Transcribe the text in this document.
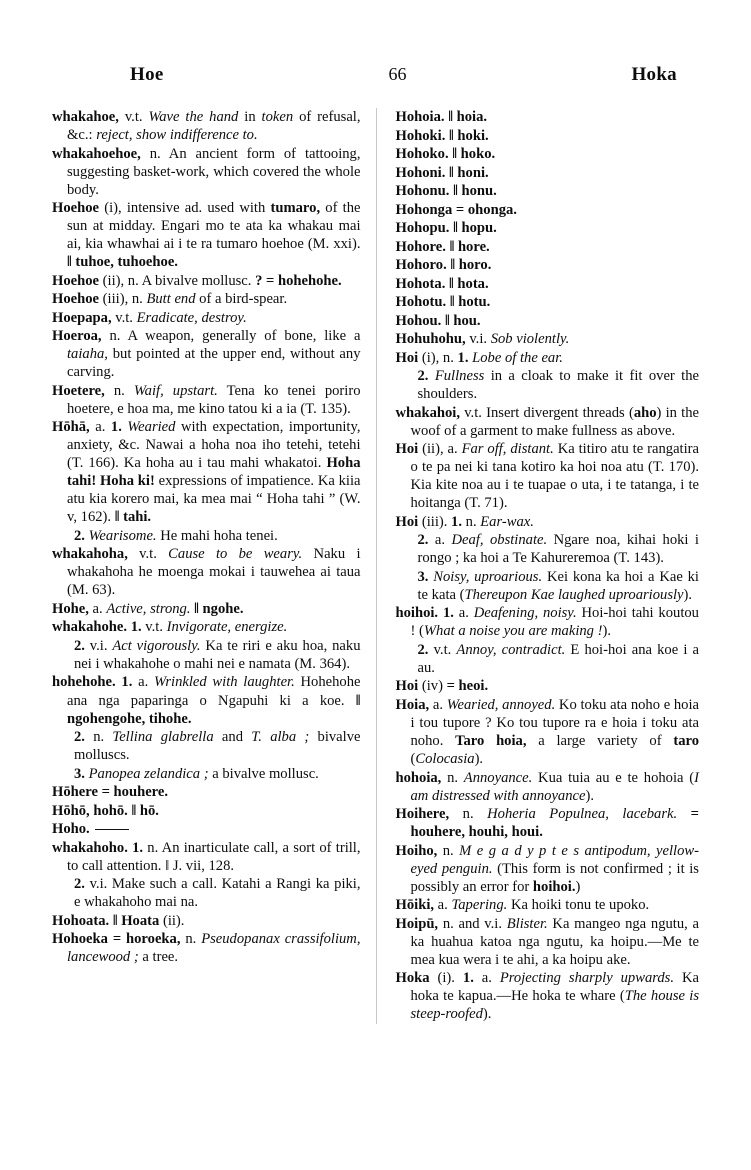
Hoe	66	Hoka

whakahoe, v.t. Wave the hand in token of refusal, &c.: reject, show indifference to.

whakahoehoe, n. An ancient form of tattooing, suggesting basket-work, which covered the whole body.

Hoehoe (i), intensive ad. used with tumaro, of the sun at midday. Engari mo te ata ka whakau mai ai, kia whawhai ai i te ra tumaro hoehoe (M. xxi). ‖ tuhoe, tuhoehoe.

Hoehoe (ii), n. A bivalve mollusc. ? = hohehohe.

Hoehoe (iii), n. Butt end of a bird-spear.

Hoepapa, v.t. Eradicate, destroy.

Hoeroa, n. A weapon, generally of bone, like a taiaha, but pointed at the upper end, without any carving.

Hoetere, n. Waif, upstart. Tena ko tenei poriro hoetere, e hoa ma, me kino tatou ki a ia (T. 135).

Hōhā, a. 1. Wearied with expectation, importunity, anxiety, &c. Nawai a hoha noa iho tetehi, tetehi (T. 166). Ka hoha au i tau mahi whakatoi. Hoha tahi! Hoha ki! expressions of impatience. Ka kiia atu kia korero mai, ka mea mai “ Hoha tahi ” (W. v, 162). ‖ tahi.

2. Wearisome. He mahi hoha tenei.

whakahoha, v.t. Cause to be weary. Naku i whakahoha he moenga mokai i tauwehea ai taua (M. 63).

Hohe, a. Active, strong. ‖ ngohe.

whakahohe. 1. v.t. Invigorate, energize.

2. v.i. Act vigorously. Ka te riri e aku hoa, naku nei i whakahohe o mahi nei e namata (M. 364).

hohehohe. 1. a. Wrinkled with laughter. Hohehohe ana nga paparinga o Ngapuhi ki a koe. ‖ ngohengohe, tihohe.

2. n. Tellina glabrella and T. alba ; bivalve molluscs.

3. Panopea zelandica ; a bivalve mollusc.

Hōhere = houhere.

Hōhō, hohō. ‖ hō.

Hoho.

whakahoho. 1. n. An inarticulate call, a sort of trill, to call attention. ‖ J. vii, 128.

2. v.i. Make such a call. Katahi a Rangi ka piki, e whakahoho mai na.

Hohoata. ‖ Hoata (ii).

Hohoeka = horoeka, n. Pseudopanax crassifolium, lancewood ; a tree.

Hohoia. ‖ hoia.

Hohoki. ‖ hoki.

Hohoko. ‖ hoko.

Hohoni. ‖ honi.

Hohonu. ‖ honu.

Hohonga = ohonga.

Hohopu. ‖ hopu.

Hohore. ‖ hore.

Hohoro. ‖ horo.

Hohota. ‖ hota.

Hohotu. ‖ hotu.

Hohou. ‖ hou.

Hohuhohu, v.i. Sob violently.

Hoi (i), n. 1. Lobe of the ear.

2. Fullness in a cloak to make it fit over the shoulders.

whakahoi, v.t. Insert divergent threads (aho) in the woof of a garment to make fullness as above.

Hoi (ii), a. Far off, distant. Ka titiro atu te rangatira o te pa nei ki tana kotiro ka hoi noa atu (T. 170). Kia kite noa au i te tuapae o uta, i te tatanga, i te hoitanga (T. 71).

Hoi (iii). 1. n. Ear-wax.

2. a. Deaf, obstinate. Ngare noa, kihai hoki i rongo ; ka hoi a Te Kahureremoa (T. 143).

3. Noisy, uproarious. Kei kona ka hoi a Kae ki te kata (Thereupon Kae laughed uproariously).

hoihoi. 1. a. Deafening, noisy. Hoi-hoi tahi koutou ! (What a noise you are making !).

2. v.t. Annoy, contradict. E hoi-hoi ana koe i a au.

Hoi (iv) = heoi.

Hoia, a. Wearied, annoyed. Ko toku ata noho e hoia i tou tupore ? Ko tou tupore ra e hoia i toku ata noho. Taro hoia, a large variety of taro (Colocasia).

hohoia, n. Annoyance. Kua tuia au e te hohoia (I am distressed with annoyance).

Hoihere, n. Hoheria Populnea, lacebark. = houhere, houhi, houi.

Hoiho, n. M e g a d y p t e s antipodum, yellow-eyed penguin. (This form is not confirmed ; it is possibly an error for hoihoi.)

Hōiki, a. Tapering. Ka hoiki tonu te upoko.

Hoipū, n. and v.i. Blister. Ka mangeo nga ngutu, a ka huahua katoa nga ngutu, ka hoipu.—Me te mea kua wera i te ahi, a ka hoipu ake.

Hoka (i). 1. a. Projecting sharply upwards. Ka hoka te kapua.—He hoka te whare (The house is steep-roofed).
